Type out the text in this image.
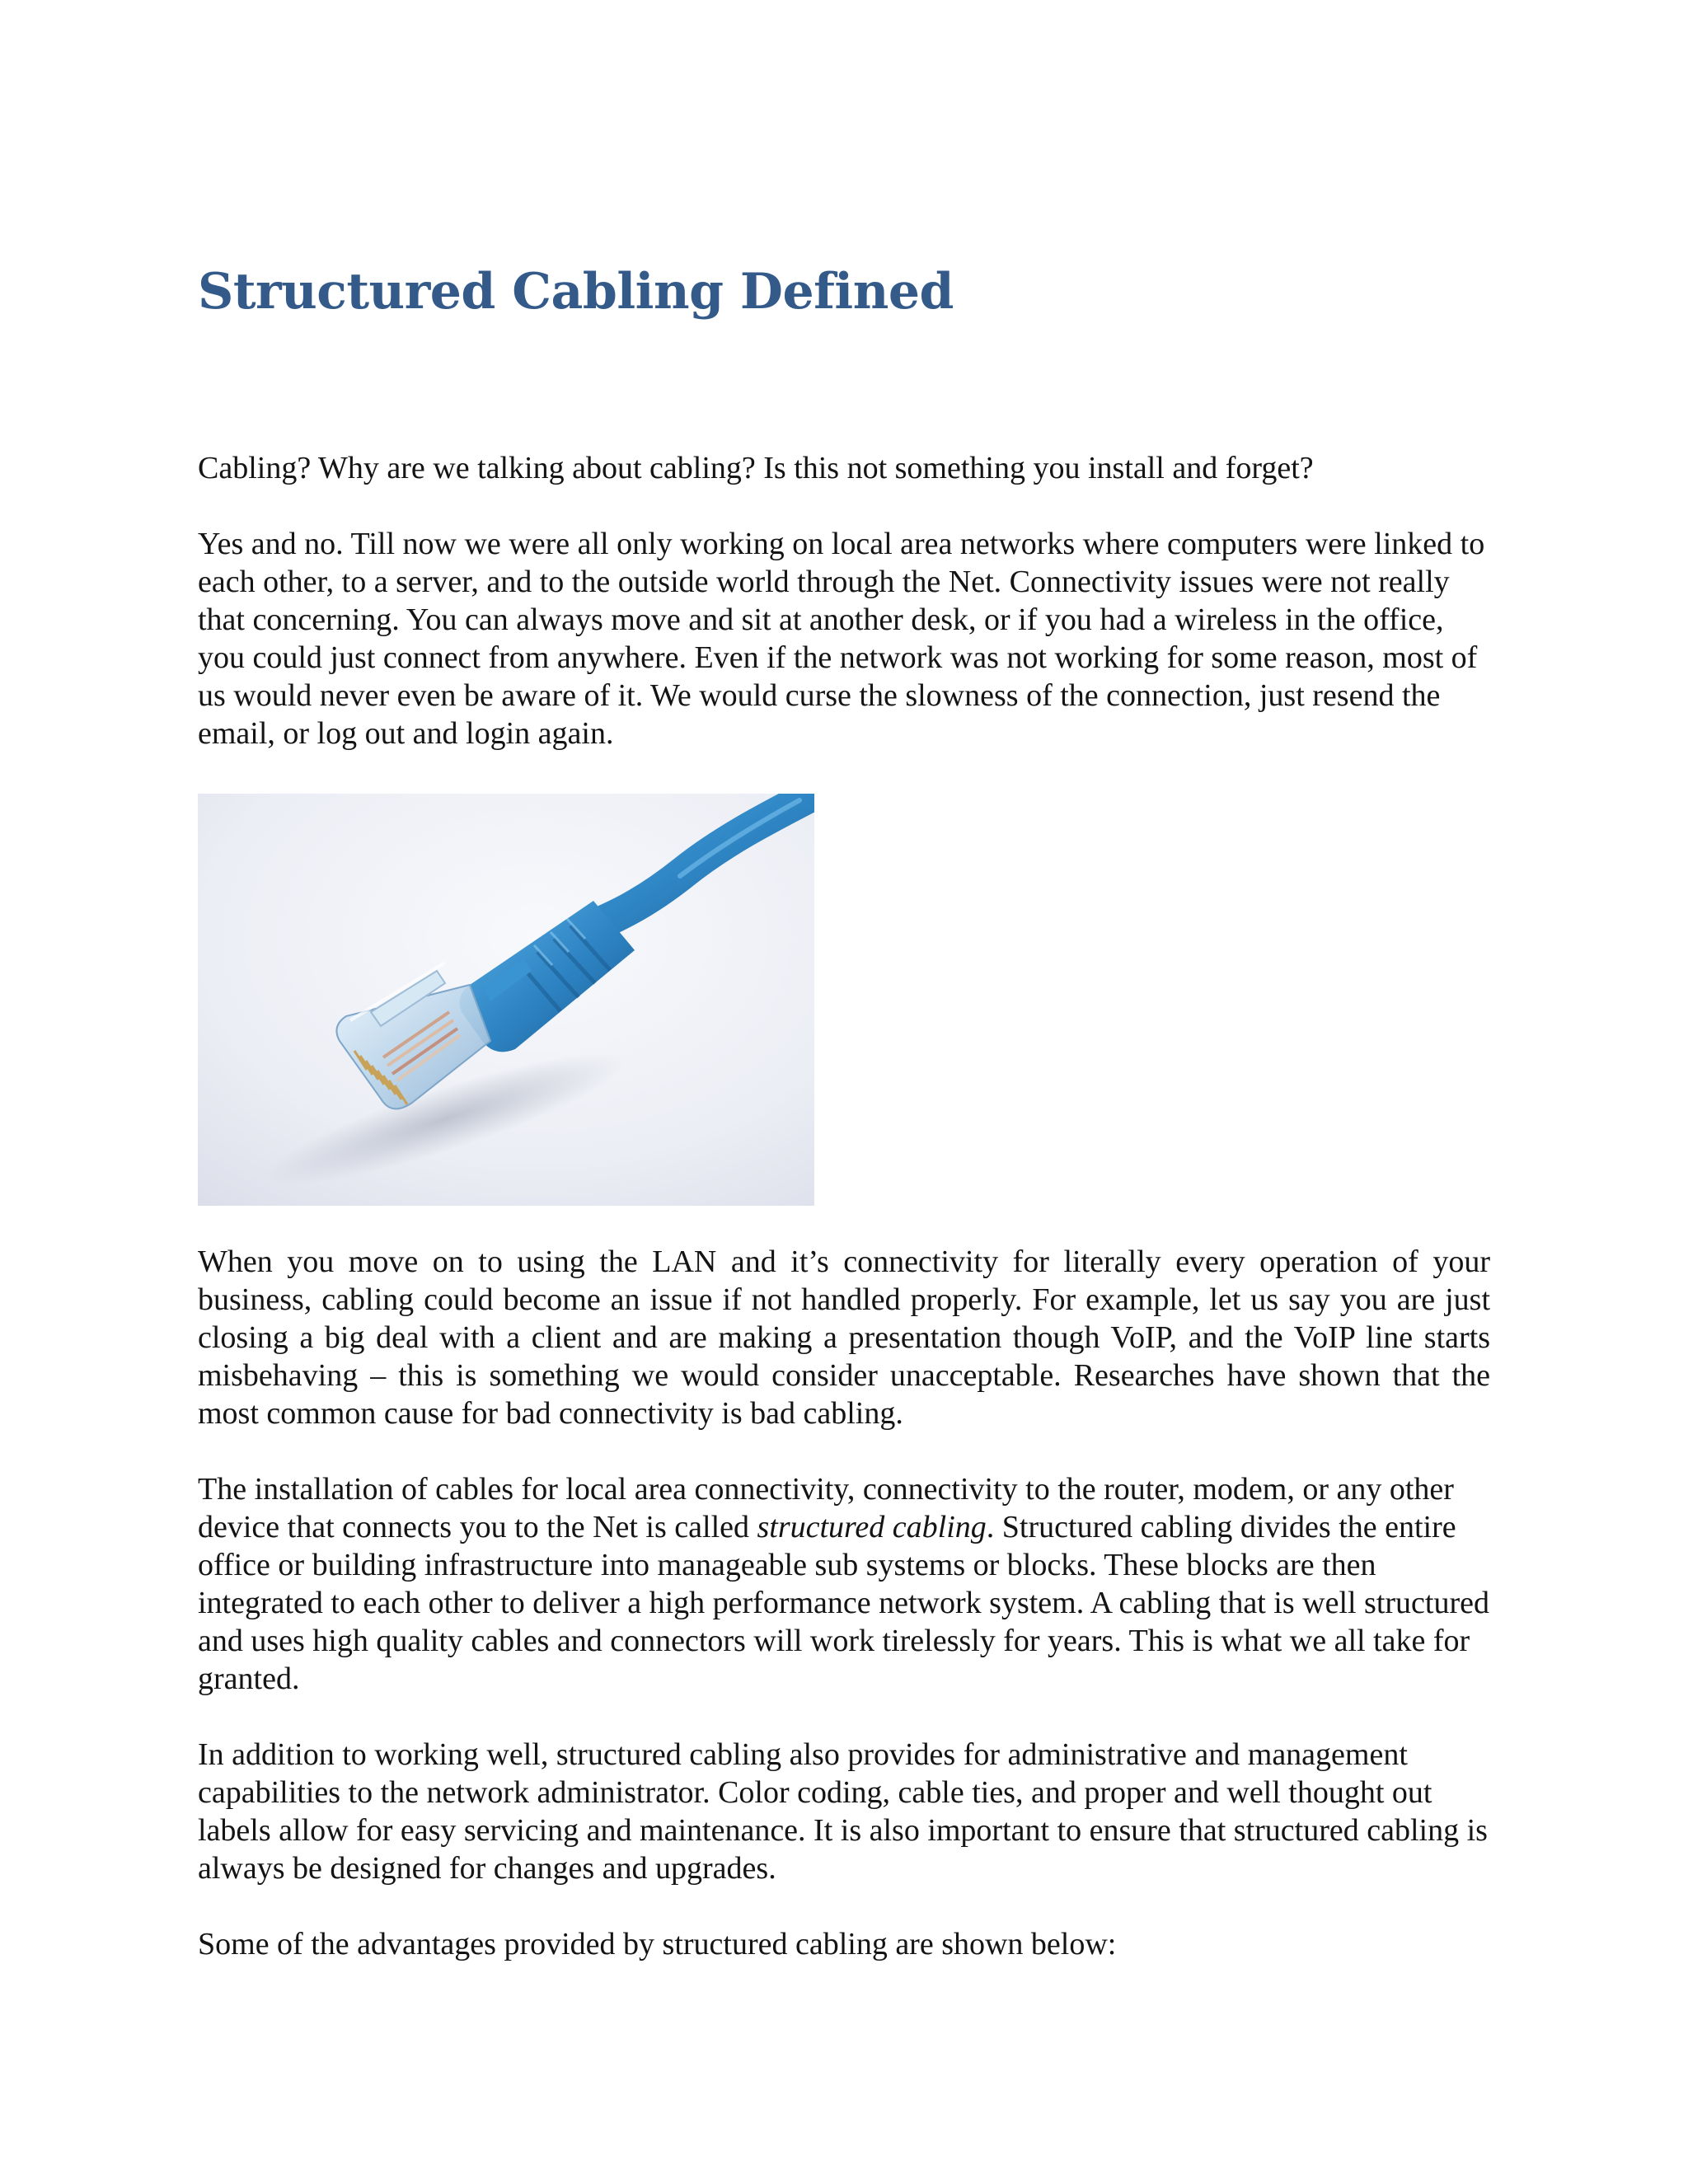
Structured Cabling Defined

Cabling? Why are we talking about cabling? Is this not something you install and forget?

Yes and no. Till now we were all only working on local area networks where computers were linked to each other, to a server, and to the outside world through the Net. Connectivity issues were not really that concerning. You can always move and sit at another desk, or if you had a wireless in the office, you could just connect from anywhere. Even if the network was not working for some reason, most of us would never even be aware of it. We would curse the slowness of the connection, just resend the email, or log out and login again.

When you move on to using the LAN and it’s connectivity for literally every operation of your business, cabling could become an issue if not handled properly. For example, let us say you are just closing a big deal with a client and are making a presentation though VoIP, and the VoIP line starts misbehaving – this is something we would consider unacceptable. Researches have shown that the most common cause for bad connectivity is bad cabling.

The installation of cables for local area connectivity, connectivity to the router, modem, or any other device that connects you to the Net is called structured cabling. Structured cabling divides the entire office or building infrastructure into manageable sub systems or blocks. These blocks are then integrated to each other to deliver a high performance network system. A cabling that is well structured and uses high quality cables and connectors will work tirelessly for years. This is what we all take for granted.

In addition to working well, structured cabling also provides for administrative and management capabilities to the network administrator. Color coding, cable ties, and proper and well thought out labels allow for easy servicing and maintenance. It is also important to ensure that structured cabling is always be designed for changes and upgrades.

Some of the advantages provided by structured cabling are shown below:
